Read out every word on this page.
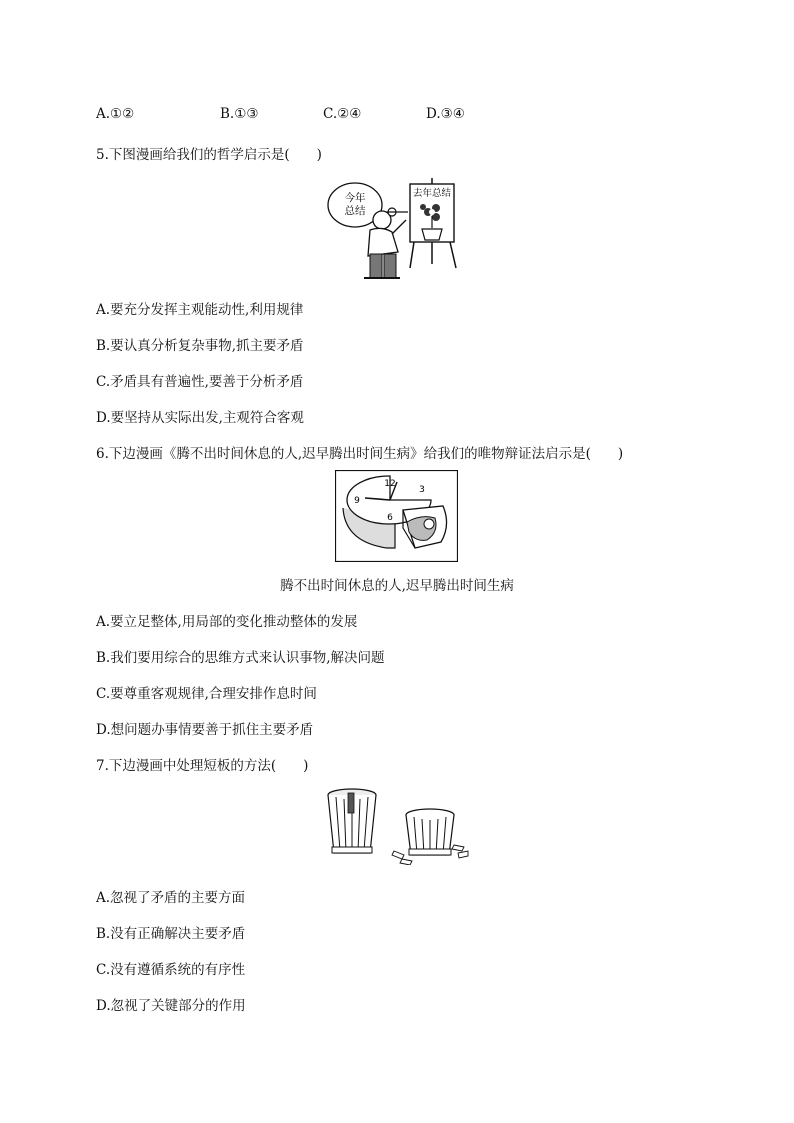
A.①②	B.①③	C.②④	D.③④
5.下图漫画给我们的哲学启示是(　　)
今年
总结
去年总结
A.要充分发挥主观能动性,利用规律
B.要认真分析复杂事物,抓主要矛盾
C.矛盾具有普遍性,要善于分析矛盾
D.要坚持从实际出发,主观符合客观
6.下边漫画《腾不出时间休息的人,迟早腾出时间生病》给我们的唯物辩证法启示是(　　)
12
3
6
9
腾不出时间休息的人,迟早腾出时间生病
A.要立足整体,用局部的变化推动整体的发展
B.我们要用综合的思维方式来认识事物,解决问题
C.要尊重客观规律,合理安排作息时间
D.想问题办事情要善于抓住主要矛盾
7.下边漫画中处理短板的方法(　　)
A.忽视了矛盾的主要方面
B.没有正确解决主要矛盾
C.没有遵循系统的有序性
D.忽视了关键部分的作用
